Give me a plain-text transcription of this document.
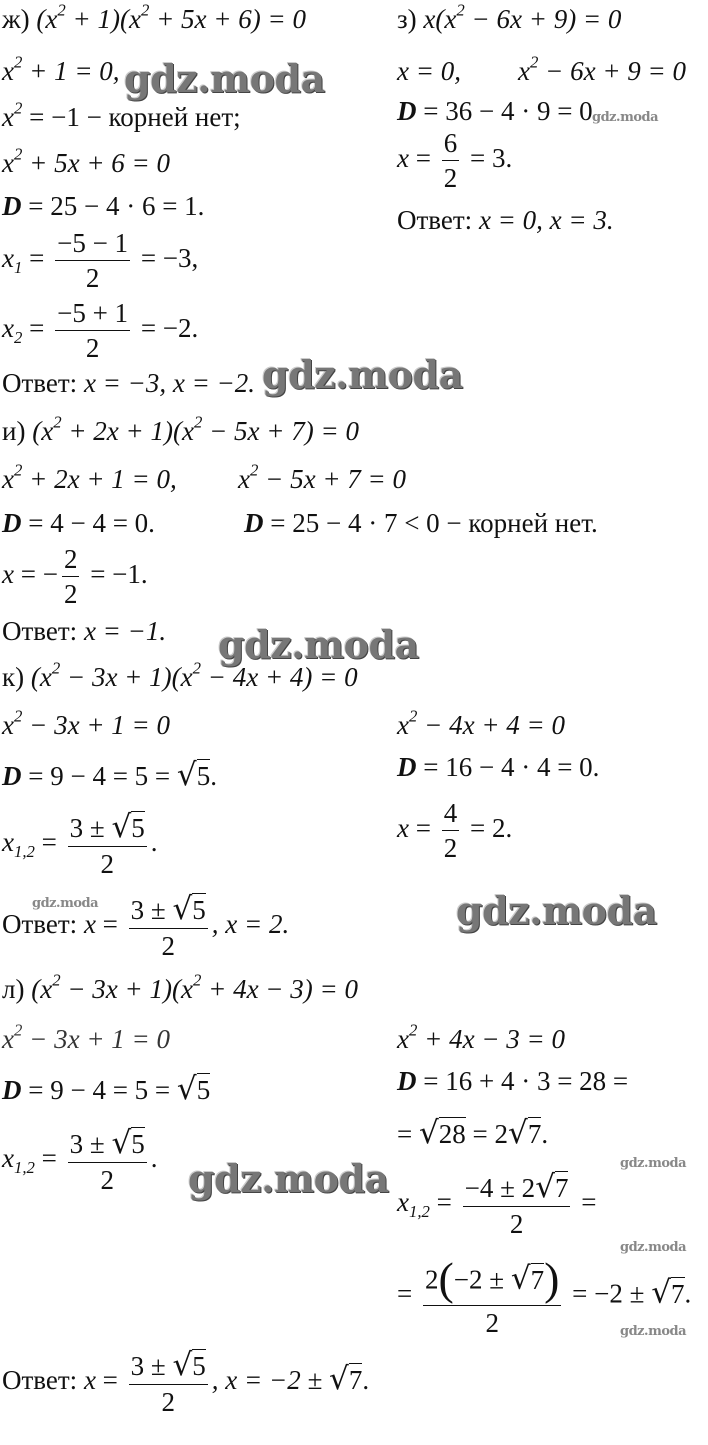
ж) $(x^2 + 1)(x^2 + 5x + 6) = 0$
$x^2 + 1 = 0$,
$x^2 = -1$ − корней нет;
$x^2 + 5x + 6 = 0$
D = 25 − 4 · 6 = 1.
$x_1 = \frac{-5 - 1}{2} = -3$,
$x_2 = \frac{-5 + 1}{2} = -2$.
Ответ: x = −3, x = −2.
з) $x(x^2 - 6x + 9) = 0$
x = 0, $x^2 - 6x + 9 = 0$
D = 36 − 4 · 9 = 0
$x = \frac{6}{2} = 3$.
Ответ: x = 0, x = 3.
и) $(x^2 + 2x + 1)(x^2 - 5x + 7) = 0$
$x^2 + 2x + 1 = 0$, $x^2 - 5x + 7 = 0$
D = 4 − 4 = 0.	D = 25 − 4 · 7 < 0 − корней нет.
x = − $\frac{2}{2} = -1$.
Ответ: x = −1.
к) $(x^2 - 3x + 1)(x^2 - 4x + 4) = 0$
$x^2 - 3x + 1 = 0$	$x^2 - 4x + 4 = 0$
D = 9 − 4 = 5 = √5.	D = 16 − 4 · 4 = 0.
$x_{1,2} = \frac{3 \pm √5}{2}$ .	$x = \frac{4}{2} = 2$.
Ответ: $x = \frac{3 \pm √5}{2}$ , x = 2.
л) $(x^2 - 3x + 1)(x^2 + 4x - 3) = 0$
$x^2 - 3x + 1 = 0$	$x^2 + 4x - 3 = 0$
D = 9 − 4 = 5 = √5	D = 16 + 4 · 3 = 28 =
= √28 = 2√7.
$x_{1,2} = \frac{3 \pm √5}{2}$ .
$x_{1,2} = \frac{-4 \pm 2√7}{2}$ =
= $\frac{2(-2 \pm √7)}{2} = -2 \pm √7$.
Ответ: $x = \frac{3 \pm √5}{2}$ , x = −2 ± √7.
gdz.moda
gdz.moda
gdz.moda
gdz.moda
gdz.moda	gdz.moda
gdz.moda	gdz.moda
gdz.moda
gdz.moda
